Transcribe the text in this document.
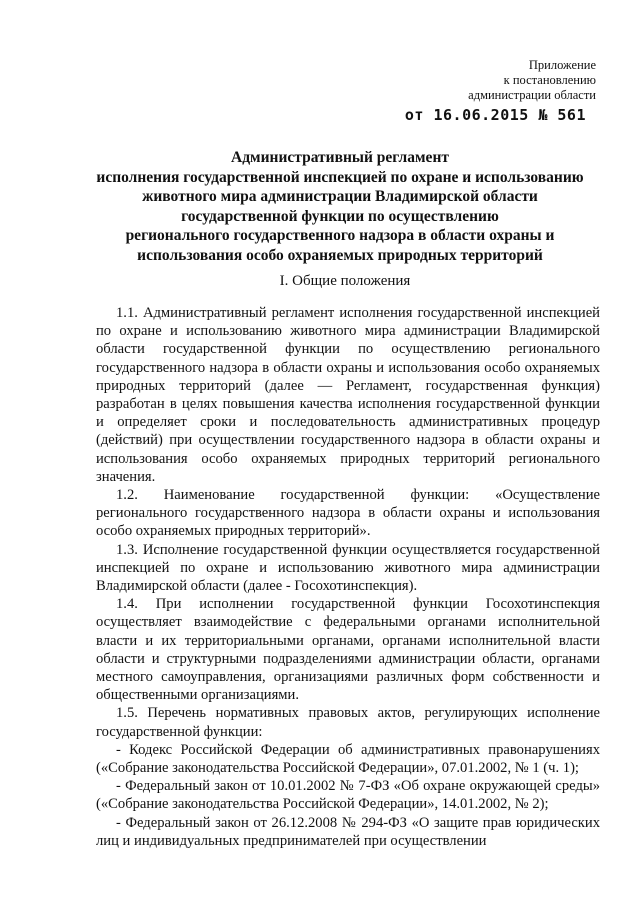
Приложение
к постановлению
администрации области
от 16.06.2015 № 561
Административный регламент
исполнения государственной инспекцией по охране и использованию
животного мира администрации Владимирской области
государственной функции по осуществлению
регионального государственного надзора в области охраны и
использования особо охраняемых природных территорий
I. Общие положения

1.1. Административный регламент исполнения государственной инспекцией по охране и использованию животного мира администрации Владимирской области государственной функции по осуществлению регионального государственного надзора в области охраны и использования особо охраняемых природных территорий (далее — Регламент, государственная функция) разработан в целях повышения качества исполнения государственной функции и определяет сроки и последовательность административных процедур (действий) при осуществлении государственного надзора в области охраны и использования особо охраняемых природных территорий регионального значения.

1.2. Наименование государственной функции: «Осуществление регионального государственного надзора в области охраны и использования особо охраняемых природных территорий».

1.3. Исполнение государственной функции осуществляется государственной инспекцией по охране и использованию животного мира администрации Владимирской области (далее - Госохотинспекция).

1.4. При исполнении государственной функции Госохотинспекция осуществляет взаимодействие с федеральными органами исполнительной власти и их территориальными органами, органами исполнительной власти области и структурными подразделениями администрации области, органами местного самоуправления, организациями различных форм собственности и общественными организациями.

1.5. Перечень нормативных правовых актов, регулирующих исполнение государственной функции:

- Кодекс Российской Федерации об административных правонарушениях («Собрание законодательства Российской Федерации», 07.01.2002, № 1 (ч. 1);

- Федеральный закон от 10.01.2002 № 7-ФЗ «Об охране окружающей среды» («Собрание законодательства Российской Федерации», 14.01.2002, № 2);

- Федеральный закон от 26.12.2008 № 294-ФЗ «О защите прав юридических лиц и индивидуальных предпринимателей при осуществлении
